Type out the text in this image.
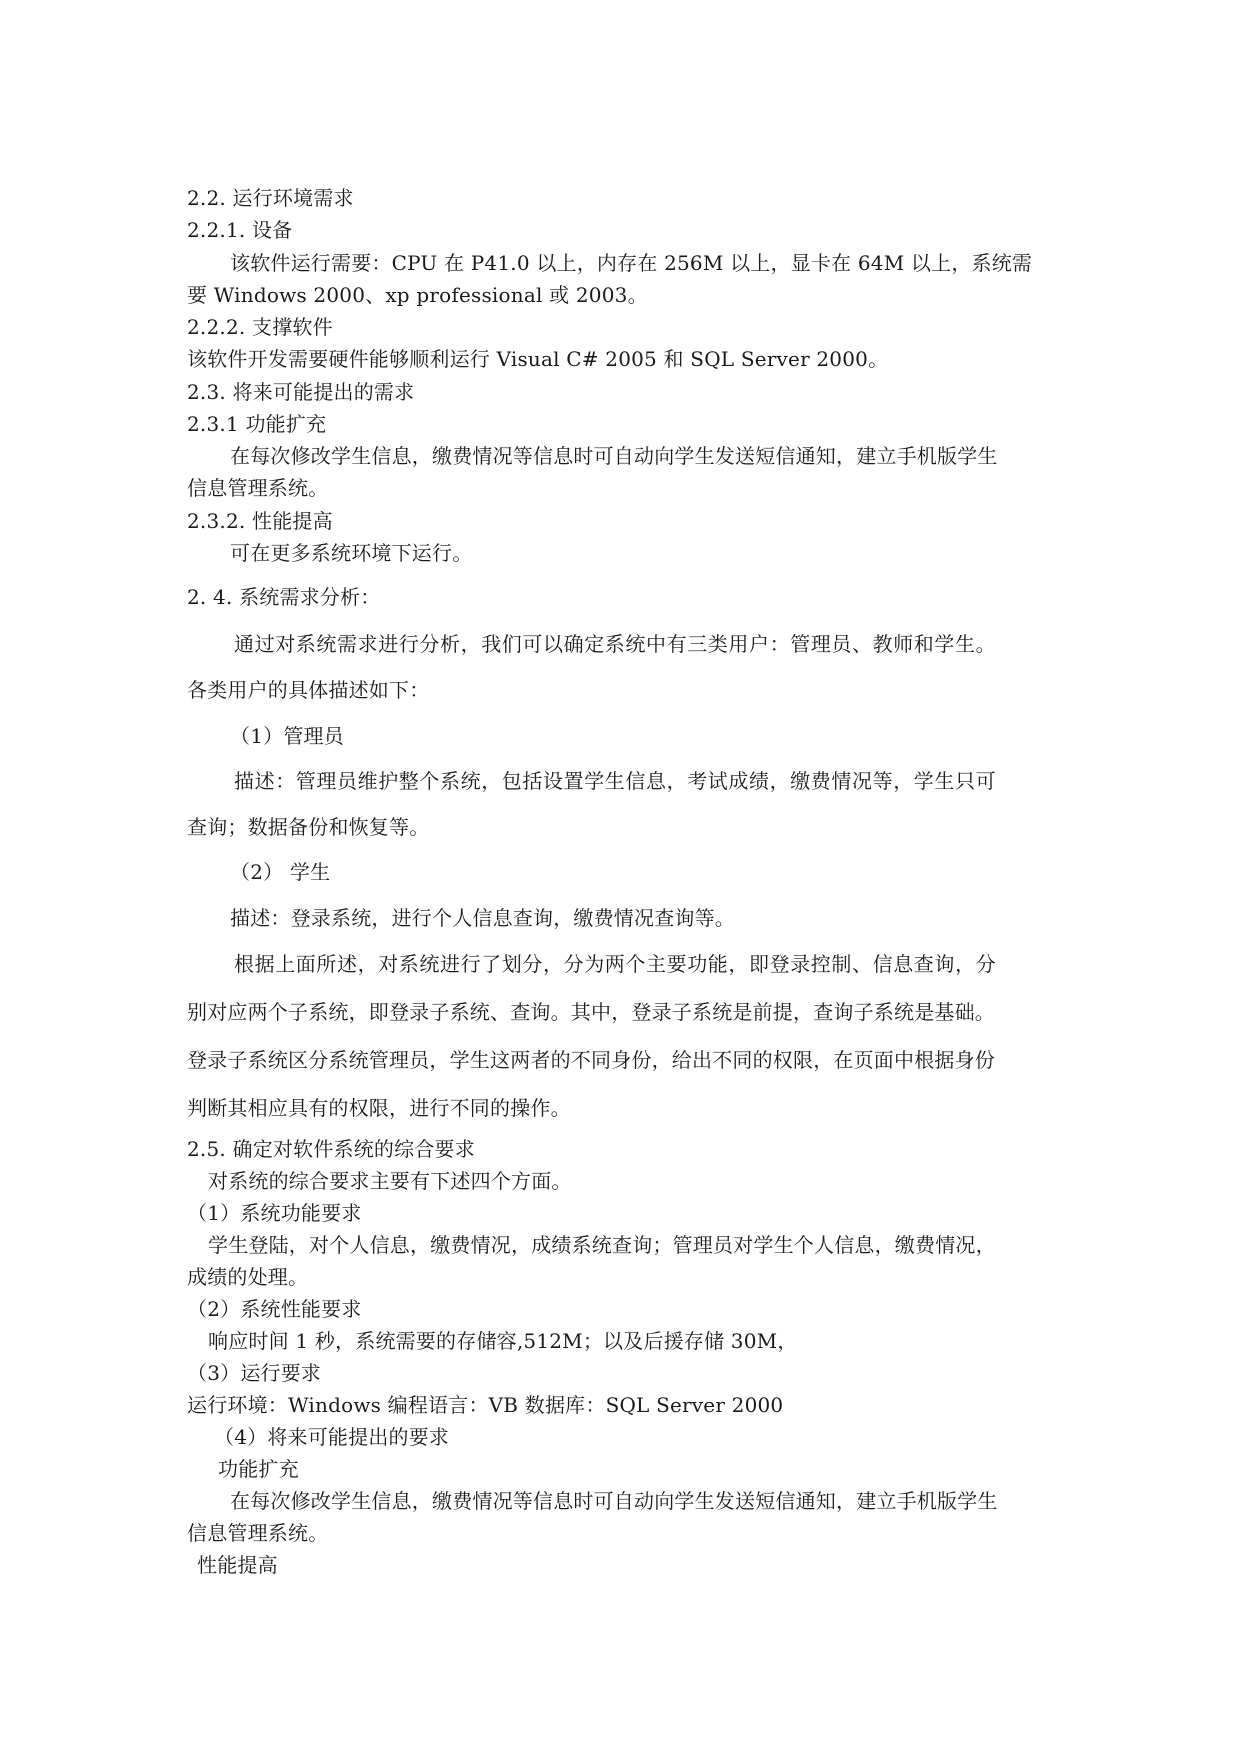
2.2. 运行环境需求
2.2.1. 设备
该软件运行需要：CPU 在 P41.0 以上，内存在 256M 以上，显卡在 64M 以上，系统需
要 Windows 2000、xp professional 或 2003。
2.2.2. 支撑软件
该软件开发需要硬件能够顺利运行 Visual C# 2005 和 SQL Server 2000。
2.3. 将来可能提出的需求
2.3.1 功能扩充
在每次修改学生信息，缴费情况等信息时可自动向学生发送短信通知，建立手机版学生
信息管理系统。
2.3.2. 性能提高
可在更多系统环境下运行。
2. 4. 系统需求分析：
通过对系统需求进行分析，我们可以确定系统中有三类用户：管理员、教师和学生。
各类用户的具体描述如下：
（1）管理员
描述：管理员维护整个系统，包括设置学生信息，考试成绩，缴费情况等，学生只可
查询；数据备份和恢复等。
（2） 学生
描述：登录系统，进行个人信息查询，缴费情况查询等。
根据上面所述，对系统进行了划分，分为两个主要功能，即登录控制、信息查询，分
别对应两个子系统，即登录子系统、查询。其中，登录子系统是前提，查询子系统是基础。
登录子系统区分系统管理员，学生这两者的不同身份，给出不同的权限，在页面中根据身份
判断其相应具有的权限，进行不同的操作。
2.5. 确定对软件系统的综合要求
对系统的综合要求主要有下述四个方面。
（1）系统功能要求
学生登陆，对个人信息，缴费情况，成绩系统查询；管理员对学生个人信息，缴费情况，
成绩的处理。
（2）系统性能要求
响应时间 1 秒，系统需要的存储容,512M；以及后援存储 30M，
（3）运行要求
运行环境：Windows 编程语言：VB 数据库：SQL Server 2000
（4）将来可能提出的要求
功能扩充
在每次修改学生信息，缴费情况等信息时可自动向学生发送短信通知，建立手机版学生
信息管理系统。
性能提高
